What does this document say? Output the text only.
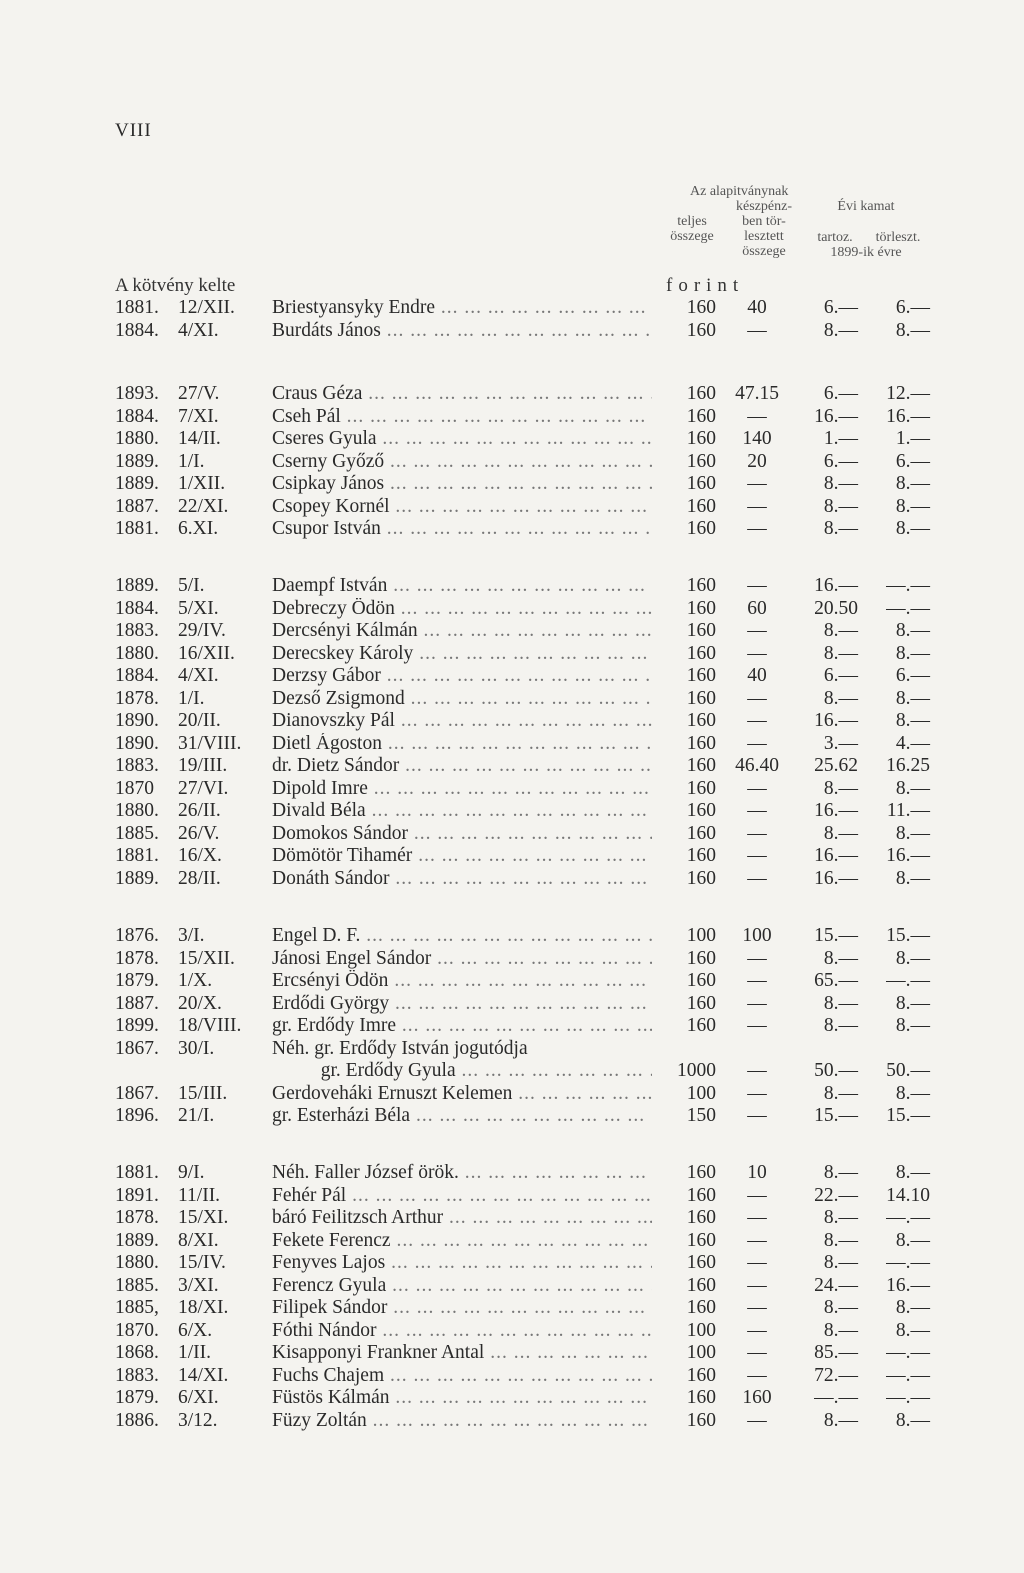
VIII
Az alapitványnak
teljes
összege
készpénz-
ben tör-
lesztett
összege
Évi kamat
tartoz.	törleszt.
1899-ik évre
A kötvény kelte	forint
1881. 12/XII.	Briestyansyky Endre ... .	160	40	6.—	6.—
1884. 4/XI.	Burdáts János ... .	160	—	8.—	8.—
1893. 27/V.	Craus Géza ... .	160 47.15	6.—	12.—
1884. 7/XI.	Cseh Pál ... .	160	—	16.—	16.—
1880. 14/II.	Cseres Gyula ... .	160	140	1.—	1.—
1889. 1/I.	Cserny Győző ... .	160	20	6.—	6.—
1889. 1/XII.	Csipkay János ... .	160	—	8.—	8.—
1887. 22/XI.	Csopey Kornél ... .	160	—	8.—	8.—
1881. 6.XI.	Csupor István ... .	160	—	8.—	8.—
1889. 5/I.	Daempf István ... .	160	—	16.—	—.—
1884. 5/XI.	Debreczy Ödön ... .	160	60	20.50	—.—
1883. 29/IV.	Dercsényi Kálmán ... .	160	—	8.—	8.—
1880. 16/XII.	Derecskey Károly ... .	160	—	8.—	8.—
1884. 4/XI.	Derzsy Gábor ... .	160	40	6.—	6.—
1878. 1/I.	Dezső Zsigmond ... .	160	—	8.—	8.—
1890. 20/II.	Dianovszky Pál ... .	160	—	16.—	8.—
1890. 31/VIII.	Dietl Ágoston ... .	160	—	3.—	4.—
1883. 19/III.	dr. Dietz Sándor ... .	160 46.40	25.62	16.25
1870	27/VI.	Dipold Imre ... .	160	—	8.—	8.—
1880. 26/II.	Divald Béla ... .	160	—	16.—	11.—
1885. 26/V.	Domokos Sándor ... .	160	—	8.—	8.—
1881. 16/X.	Dömötör Tihamér ... .	160	—	16.—	16.—
1889. 28/II.	Donáth Sándor ... .	160	—	16.—	8.—
1876. 3/I.	Engel D. F. ... .	100	100	15.—	15.—
1878. 15/XII.	Jánosi Engel Sándor ... .	160	—	8.—	8.—
1879. 1/X.	Ercsényi Ödön ... .	160	—	65.—	—.—
1887. 20/X.	Erdődi György ... .	160	—	8.—	8.—
1899. 18/VIII.	gr. Erdődy Imre ... .	160	—	8.—	8.—
1867. 30/I.	Néh. gr. Erdődy István jogutódja
gr. Erdődy Gyula ... .	1000	—	50.—	50.—
1867. 15/III.	Gerdoveháki Ernuszt Kelemen ... .	100	—	8.—	8.—
1896. 21/I.	gr. Esterházi Béla ... .	150	—	15.—	15.—
1881. 9/I.	Néh. Faller József örök. ... .	160	10	8.—	8.—
1891. 11/II.	Fehér Pál ... .	160	—	22.—	14.10
1878. 15/XI.	báró Feilitzsch Arthur ... .	160	—	8.—	—.—
1889. 8/XI.	Fekete Ferencz ... .	160	—	8.—	8.—
1880. 15/IV.	Fenyves Lajos ... .	160	—	8.—	—.—
1885. 3/XI.	Ferencz Gyula ... .	160	—	24.—	16.—
1885, 18/XI.	Filipek Sándor ... .	160	—	8.—	8.—
1870. 6/X.	Fóthi Nándor ... .	100	—	8.—	8.—
1868. 1/II.	Kisapponyi Frankner Antal ... .	100	—	85.—	—.—
1883. 14/XI.	Fuchs Chajem ... .	160	—	72.—	—.—
1879. 6/XI.	Füstös Kálmán ... .	160	160	—.—	—.—
1886. 3/12.	Füzy Zoltán ... .	160	—	8.—	8.—
